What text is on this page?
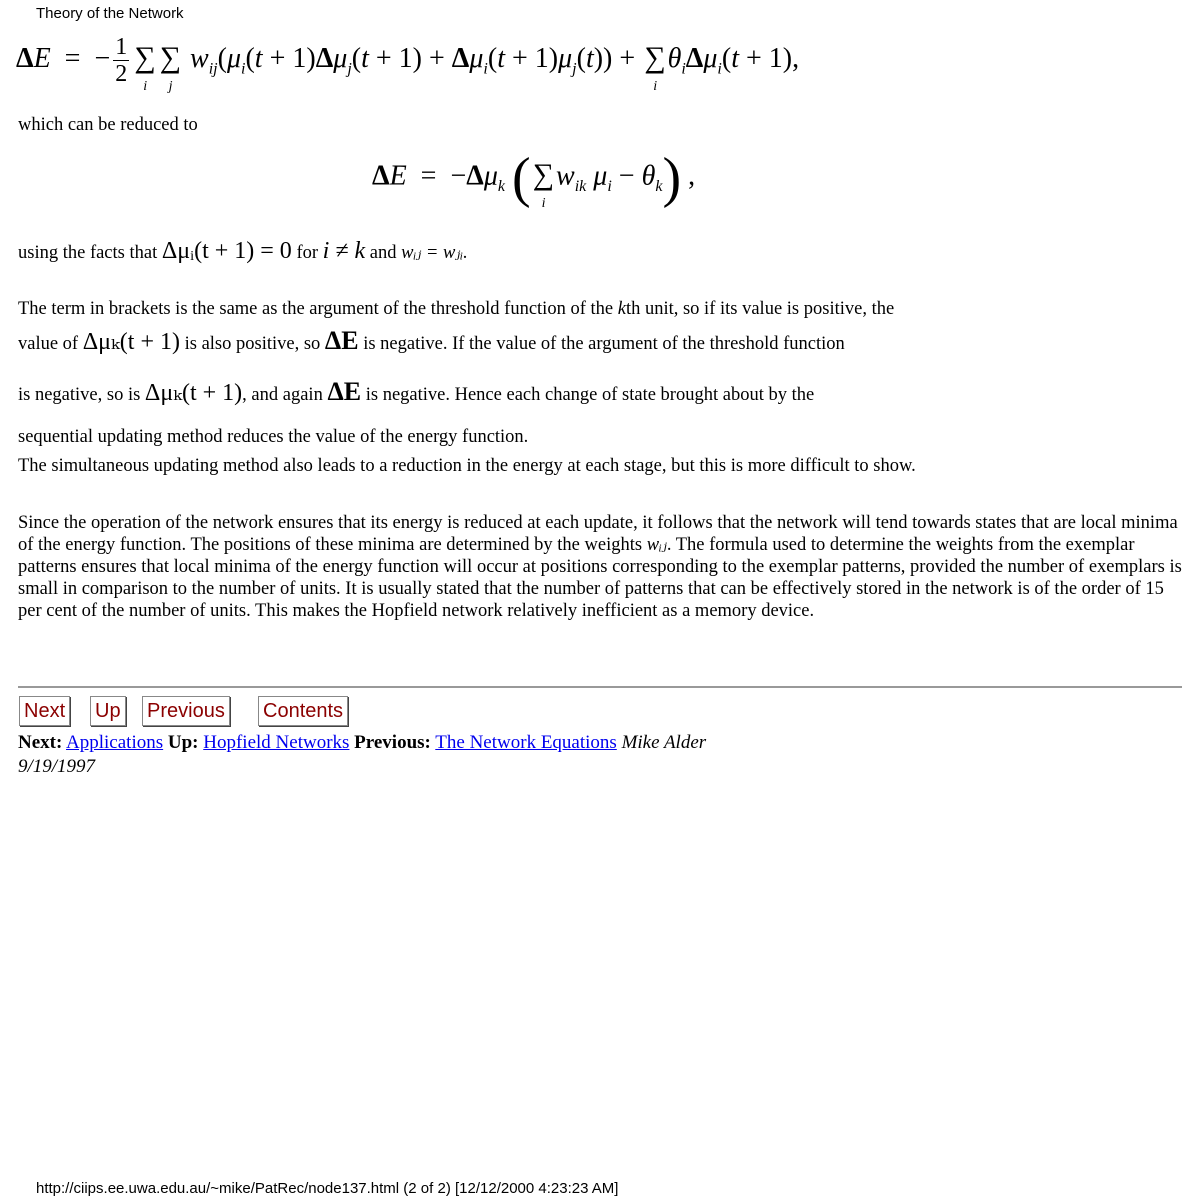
Theory of the Network
ΔE  =  − $\frac{1}{2}$ ∑
i
∑
j
$w_{ij}(\mu_i(t + 1)\Delta\mu_j(t + 1) + \Delta\mu_i(t + 1)\mu_j(t))$ + ∑
i
$\theta_i\Delta\mu_i(t + 1)$,
which can be reduced to
$\Delta E = -\Delta\mu_k$ (∑
i
$w_{ik}$ $\mu_i - \theta_k$) ,
using the facts that Δμᵢ(t + 1) = 0 for i ≠ k and wᵢⱼ = wⱼᵢ.
The term in brackets is the same as the argument of the threshold function of the kth unit, so if its value is positive, the
value of Δμₖ(t + 1) is also positive, so ΔE is negative. If the value of the argument of the threshold function
is negative, so is Δμₖ(t + 1), and again ΔE is negative. Hence each change of state brought about by the
sequential updating method reduces the value of the energy function.
The simultaneous updating method also leads to a reduction in the energy at each stage, but this is more difficult to show.
Since the operation of the network ensures that its energy is reduced at each update, it follows that the network will tend towards states that are local minima of the energy function. The positions of these minima are determined by the weights wᵢⱼ. The formula used to determine the weights from the exemplar patterns ensures that local minima of the energy function will occur at positions corresponding to the exemplar patterns, provided the number of exemplars is small in comparison to the number of units. It is usually stated that the number of patterns that can be effectively stored in the network is of the order of 15 per cent of the number of units. This makes the Hopfield network relatively inefficient as a memory device.
Next Up Previous Contents
Next: Applications Up: Hopfield Networks Previous: The Network Equations Mike Alder
9/19/1997
http://ciips.ee.uwa.edu.au/~mike/PatRec/node137.html (2 of 2) [12/12/2000 4:23:23 AM]
